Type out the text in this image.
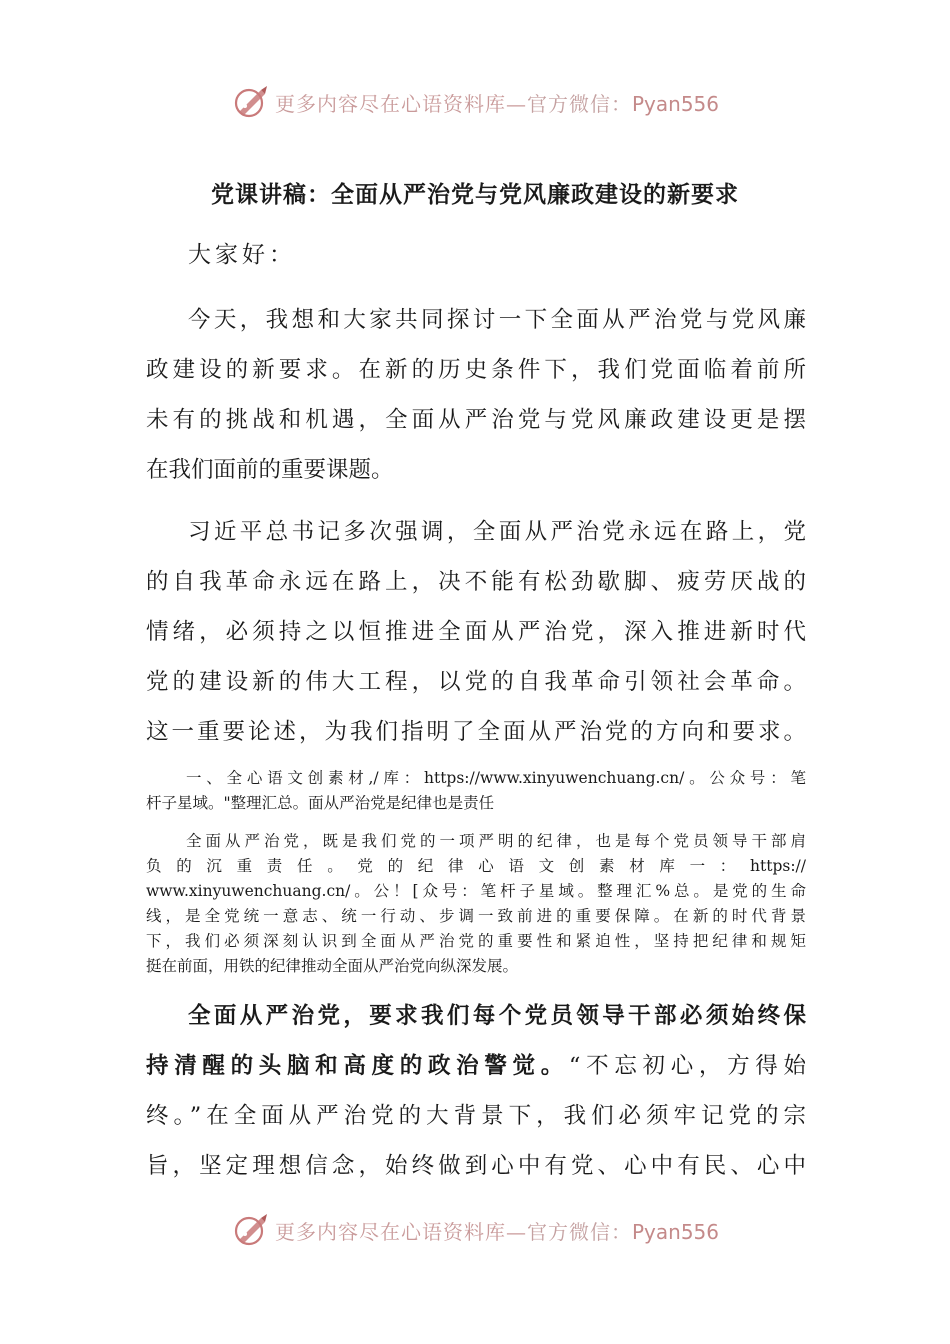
更多内容尽在心语资料库—官方微信：Pyan556
党课讲稿：全面从严治党与党风廉政建设的新要求
大家好：
今天，我想和大家共同探讨一下全面从严治党与党风廉
政建设的新要求。在新的历史条件下，我们党面临着前所
未有的挑战和机遇，全面从严治党与党风廉政建设更是摆
在我们面前的重要课题。
习近平总书记多次强调，全面从严治党永远在路上，党
的自我革命永远在路上，决不能有松劲歇脚、疲劳厌战的
情绪，必须持之以恒推进全面从严治党，深入推进新时代
党的建设新的伟大工程，以党的自我革命引领社会革命。
这一重要论述，为我们指明了全面从严治党的方向和要求。
一、全心语文创素材,/库：https://www.xinyuwenchuang.cn/。公众号：笔
杆子星域。"整理汇总。面从严治党是纪律也是责任
全面从严治党，既是我们党的一项严明的纪律，也是每个党员领导干部肩
负的沉重责任。党的纪律心语文创素材库一：https://
www.xinyuwenchuang.cn/。公！[众号：笔杆子星域。整理汇%总。是党的生命
线，是全党统一意志、统一行动、步调一致前进的重要保障。在新的时代背景
下，我们必须深刻认识到全面从严治党的重要性和紧迫性，坚持把纪律和规矩
挺在前面，用铁的纪律推动全面从严治党向纵深发展。
全面从严治党，要求我们每个党员领导干部必须始终保
持清醒的头脑和高度的政治警觉。“不忘初心，方得始
终。”在全面从严治党的大背景下，我们必须牢记党的宗
旨，坚定理想信念，始终做到心中有党、心中有民、心中
更多内容尽在心语资料库—官方微信：Pyan556
